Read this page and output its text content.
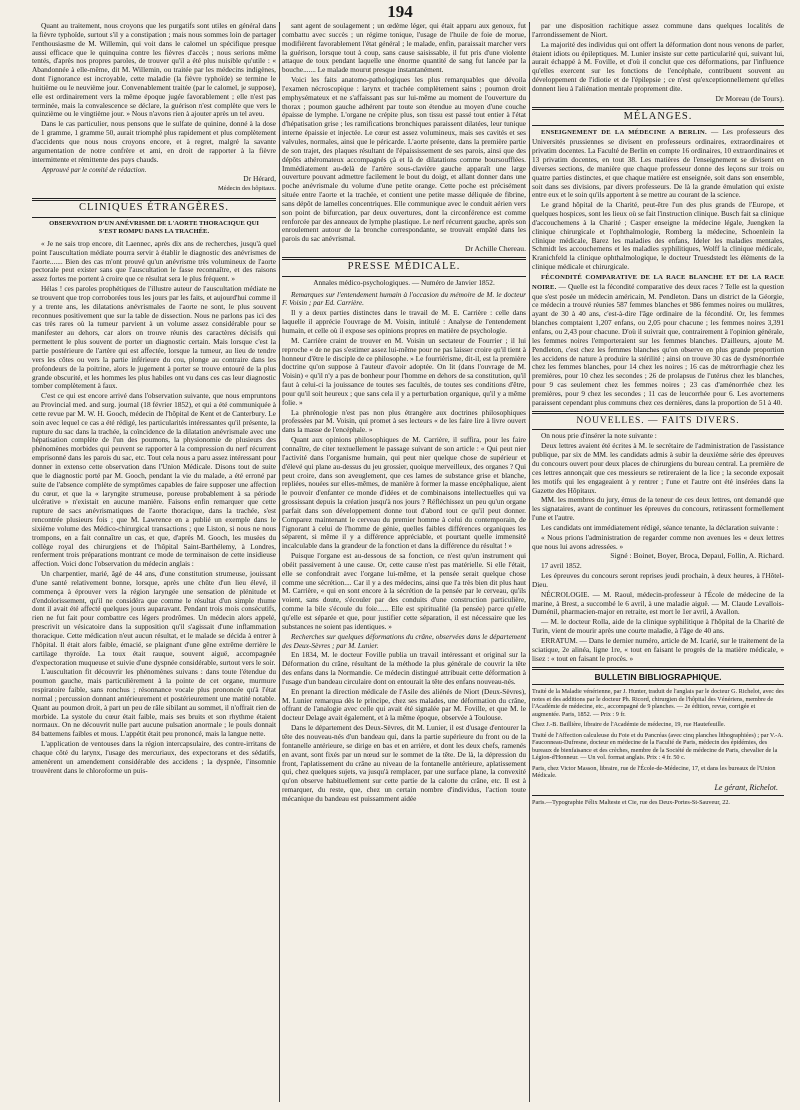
194

Quant au traitement, nous croyons que les purgatifs sont utiles en général dans la fièvre typhoïde, surtout s'il y a constipation ; mais nous sommes loin de partager l'enthousiasme de M. Willemin, qui voit dans le calomel un spécifique presque aussi efficace que le quinquina contre les fièvres d'accès ; nous serions même tentés, d'après nos propres paroles, de trouver qu'il a été plus nuisible qu'utile : « Abandonnée à elle-même, dit M. Willemin, ou traitée par les médecins indigènes, dont l'ignorance est incroyable, cette maladie (la fièvre typhoïde) se termine le huitième ou le neuvième jour. Convenablement traitée (par le calomel, je suppose), elle est ordinairement vers la même époque jugée favorablement ; elle n'est pas terminée, mais la convalescence se déclare, la guérison n'est complète que vers le quinzième ou le vingtième jour. » Nous n'avons rien à ajouter après un tel aveu.

Dans le cas particulier, nous pensons que le sulfate de quinine, donné à la dose de 1 gramme, 1 gramme 50, aurait triomphé plus rapidement et plus complètement d'accidents que nous nous croyons encore, et à regret, malgré la savante argumentation de notre confrère et ami, en droit de rapporter à la fièvre intermittente et rémittente des pays chauds.

Approuvé par le comité de rédaction.

Dr Hérard,

Médecin des hôpitaux.

CLINIQUES ÉTRANGÈRES.
OBSERVATION D'UN ANÉVRISME DE L'AORTE THORACIQUE QUI S'EST ROMPU DANS LA TRACHÉE.

« Je ne sais trop encore, dit Laennec, après dix ans de recherches, jusqu'à quel point l'auscultation médiate pourra servir à établir le diagnostic des anévrismes de l'aorte....... Bien des cas m'ont prouvé qu'un anévrisme très volumineux de l'aorte pectorale peut exister sans que l'auscultation le fasse reconnaître, et des raisons assez fortes me portent à croire que ce résultat sera le plus fréquent. »

Hélas ! ces paroles prophétiques de l'illustre auteur de l'auscultation médiate ne se trouvent que trop corroborées tous les jours par les faits, et aujourd'hui comme il y a trente ans, les dilatations anévrismales de l'aorte ne sont, le plus souvent reconnues positivement que sur la table de dissection. Nous ne parlons pas ici des cas très rares où la tumeur parvient à un volume assez considérable pour se manifester au dehors, car alors on trouve réunis des caractères décisifs qui permettent le plus souvent de porter un diagnostic certain. Mais lorsque c'est la partie postérieure de l'artère qui est affectée, lorsque la tumeur, au lieu de tendre vers les côtes ou vers la partie inférieure du cou, plonge au contraire dans les profondeurs de la poitrine, alors le jugement à porter se trouve entouré de la plus grande obscurité, et les hommes les plus habiles ont vu dans ces cas leur diagnostic tomber complètement à faux.

C'est ce qui est encore arrivé dans l'observation suivante, que nous empruntons au Provincial med. and surg. journal (18 février 1852), et qui a été communiquée à cette revue par M. W. H. Gooch, médecin de l'hôpital de Kent et de Canterbury. Le soin avec lequel ce cas a été rédigé, les particularités intéressantes qu'il présente, la rupture du sac dans la trachée, la coïncidence de la dilatation anévrismale avec une hépatisation complète de l'un des poumons, la physionomie de plusieurs des phénomènes morbides qui peuvent se rapporter à la compression du nerf récurrent emprisonné dans les parois du sac, etc. Tout cela nous a paru assez intéressant pour donner in extenso cette observation dans l'Union Médicale. Disons tout de suite que le diagnostic porté par M. Gooch, pendant la vie du malade, a été erroné par suite de l'absence complète de symptômes capables de faire supposer une affection du cœur, et que la « laryngite strumeuse, poreuse probablement à sa période ulcérative » n'existait en aucune manière. Faisons enfin remarquer que cette rupture de sacs anévrismatiques de l'aorte thoracique, dans la trachée, s'est rencontrée plusieurs fois ; que M. Lawrence en a publié un exemple dans le sixième volume des Médico-chirurgical transactions ; que Liston, si nous ne nous trompons, en a fait connaître un cas, et que, d'après M. Gooch, les musées du collège royal des chirurgiens et de l'hôpital Saint-Barthélemy, à Londres, renferment trois préparations montrant ce mode de terminaison de cette insidieuse affection. Voici donc l'observation du médecin anglais :

Un charpentier, marié, âgé de 44 ans, d'une constitution strumeuse, jouissant d'une santé relativement bonne, lorsque, après une chûte d'un lieu élevé, il commença à éprouver vers la région laryngée une sensation de plénitude et d'endolorissement, qu'il ne considéra que comme le résultat d'un simple rhume dont il avait été affecté quelques jours auparavant. Pendant trois mois consécutifs, rien ne fut fait pour combattre ces légers prodrômes. Un médecin alors appelé, prescrivit un vésicatoire dans la supposition qu'il s'agissait d'une inflammation thoracique. Cette médication n'eut aucun résultat, et le malade se décida à entrer à l'hôpital. Il était alors faible, émacié, se plaignant d'une gêne extrême derrière le cartilage thyroïde. La toux était rauque, souvent aiguë, accompagnée d'expectoration muqueuse et suivie d'une dyspnée considérable, surtout vers le soir.

L'auscultation fit découvrir les phénomènes suivans : dans toute l'étendue du poumon gauche, mais particulièrement à la pointe de cet organe, murmure respiratoire faible, sans ronchus ; résonnance vocale plus prononcée qu'à l'état normal ; percussion donnant antérieurement et postérieurement une matité notable. Quant au poumon droit, à part un peu de râle sibilant au sommet, il n'offrait rien de morbide. La systole du cœur était faible, mais ses bruits et son rhythme étaient normaux. On ne découvrit nulle part aucune pulsation anormale ; le pouls donnait 84 battemens faibles et mous. L'appétit était peu prononcé, mais la langue nette.

L'application de ventouses dans la région intercapsulaire, des contre-irritans de chaque côté du larynx, l'usage des mercuriaux, des expectorans et des sédatifs, amenèrent un amendement considérable des accidens ; la dyspnée, l'insomnie trouvèrent dans le chloroforme un puis-

sant agent de soulagement ; un œdème léger, qui était apparu aux genoux, fut combattu avec succès ; un régime tonique, l'usage de l'huile de foie de morue, modifièrent favorablement l'état général ; le malade, enfin, paraissait marcher vers la guérison, lorsque tout à coup, sans cause saisissable, il fut pris d'une violente attaque de toux pendant laquelle une énorme quantité de sang fut lancée par la bouche....... Le malade mourut presque instantanément.

Voici les faits anatomo-pathologiques les plus remarquables que dévoila l'examen nécroscopique : larynx et trachée complètement sains ; poumon droit emphysémateux et ne s'affaissant pas sur lui-même au moment de l'ouverture du thorax ; poumon gauche adhérent par toute son étendue au moyen d'une couche épaisse de lymphe. L'organe ne crépite plus, son tissu est passé tout entier à l'état d'hépatisation grise ; les ramifications bronchiques paraissent dilatées, leur tunique interne épaissie et injectée. Le cœur est assez volumineux, mais ses cavités et ses valvules, normales, ainsi que le péricarde. L'aorte présente, dans la première partie de son trajet, des plaques résultant de l'épaississement de ses parois, ainsi que des dépôts athéromateux accompagnés çà et là de dilatations comme boursoufflées. Immédiatement au-delà de l'artère sous-clavière gauche apparaît une large ouverture pouvant admettre facilement le bout du doigt, et allant donner dans une poche anévrismale du volume d'une petite orange. Cette poche est précisément située entre l'aorte et la trachée, et contient une petite masse déliquée de fibrine, sans dépôt de lamelles concentriques. Elle communique avec le conduit aérien vers son point de bifurcation, par deux ouvertures, dont la circonférence est comme renforcée par des anneaux de lymphe plastique. Le nerf récurrent gauche, après son enroulement autour de la bronche correspondante, se trouvait empâté dans les parois du sac anévrismal.

Dr Achille Chereau.

PRESSE MÉDICALE.
Annales médico-psychologiques. — Numéro de Janvier 1852.

Remarques sur l'entendement humain à l'occasion du mémoire de M. le docteur F. Voisin ; par Ed. Carrière.

Il y a deux parties distinctes dans le travail de M. E. Carrière : celle dans laquelle il apprécie l'ouvrage de M. Voisin, intitulé : Analyse de l'entendement humain, et celle où il expose ses opinions propres en matière de psychologie.

M. Carrière craint de trouver en M. Voisin un sectateur de Fourrier ; il lui reproche « de ne pas s'estimer assez lui-même pour ne pas laisser croire qu'il tient à honneur d'être le disciple de ce philosophe. » Le fourrièrisme, dit-il, est la première doctrine qu'on suppose à l'auteur d'avoir adoptée. On lit (dans l'ouvrage de M. Voisin) « qu'il n'y a pas de bonheur pour l'homme en dehors de sa constitution, qu'il faut à celui-ci la jouissance de toutes ses facultés, de toutes ses conditions d'être, pour qu'il soit heureux ; que sans cela il y a perturbation organique, qu'il y a même folie. »

La phrénologie n'est pas non plus étrangère aux doctrines philosophiques professées par M. Voisin, qui promet à ses lecteurs « de les faire lire à livre ouvert dans la masse de l'encéphale. »

Quant aux opinions philosophiques de M. Carrière, il suffira, pour les faire connaître, de citer textuellement le passage suivant de son article : « Qui peut nier l'activité dans l'organisme humain, qui peut nier quelque chose de supérieur et d'élevé qui plane au-dessus du jeu grossier, quoique merveilleux, des organes ? Qui peut croire, dans son aveuglement, que ces lames de substance grise et blanche, repliées, nouées sur elles-mêmes, de manière à former la masse encéphalique, aient le pouvoir d'enfanter ce monde d'idées et de combinaisons intellectuelles qui va grossissant depuis la création jusqu'à nos jours ? Réfléchissez un peu qu'un organe parfait dans son développement donne tout d'abord tout ce qu'il peut donner. Comparez maintenant le cerveau du premier homme à celui du contemporain, de l'ignorant à celui de l'homme de génie, quelles faibles différences organiques les séparent, si même il y a différence appréciable, et pourtant quelle immensité incalculable dans la grandeur de la fonction et dans la différence du résultat ! »

Puisque l'organe est au-dessous de sa fonction, ce n'est qu'un instrument qui obéit passivement à une cause. Or, cette cause n'est pas matérielle. Si elle l'était, elle se confondrait avec l'organe lui-même, et la pensée serait quelque chose comme une sécrétion.... Car il y a des médecins, ainsi que l'a très bien dit plus haut M. Carrière, « qui en sont encore à la sécrétion de la pensée par le cerveau, qu'ils voient, sans doute, s'écouler par des conduits d'une construction particulière, comme la bile s'écoule du foie...... Elle est spiritualité (la pensée) parce qu'elle qu'elle est séparée et que, pour justifier cette séparation, il est nécessaire que les substances ne soient pas identiques. »

Recherches sur quelques déformations du crâne, observées dans le département des Deux-Sèvres ; par M. Lunier.

En 1834, M. le docteur Foville publia un travail intéressant et original sur la Déformation du crâne, résultant de la méthode la plus générale de couvrir la tête des enfans dans la Normandie. Ce médecin distingué attribuait cette déformation à l'usage d'un bandeau circulaire dont on entourait la tête des enfans nouveau-nés.

En prenant la direction médicale de l'Asile des aliénés de Niort (Deux-Sèvres), M. Lunier remarqua dès le principe, chez ses malades, une déformation du crâne, offrant de l'analogie avec celle qui avait été signalée par M. Foville, et que M. le docteur Delage avait également, et à la même époque, observée à Toulouse.

Dans le département des Deux-Sèvres, dit M. Lunier, il est d'usage d'entourer la tête des nouveau-nés d'un bandeau qui, dans la partie supérieure du front ou de la fontanelle antérieure, se dirige en bas et en arrière, et dont les deux chefs, ramenés en avant, sont fixés par un nœud sur le sommet de la tête. De là, la dépression du front, l'aplatissement du crâne au niveau de la fontanelle antérieure, aplatissement qui, chez quelques sujets, va jusqu'à remplacer, par une surface plane, la convexité qu'on observe habituellement sur cette partie de la calotte du crâne, etc. Il est à remarquer, du reste, que, chez un certain nombre d'individus, l'action toute mécanique du bandeau est puissamment aidée

par une disposition rachitique assez commune dans quelques localités de l'arrondissement de Niort.

La majorité des individus qui ont offert la déformation dont nous venons de parler, étaient idiots ou épileptiques. M. Lunier insiste sur cette particularité qui, suivant lui, aurait échappé à M. Foville, et d'où il conclut que ces déformations, par l'influence qu'elles exercent sur les fonctions de l'encéphale, contribuent souvent au développement de l'idiotie et de l'épilepsie ; ce n'est qu'exceptionnellement qu'elles donnent lieu à l'aliénation mentale proprement dite.

Dr Moreau (de Tours).

MÉLANGES.

ENSEIGNEMENT DE LA MÉDECINE A BERLIN. — Les professeurs des Universités prussiennes se divisent en professeurs ordinaires, extraordinaires et privatim docentes. La Faculté de Berlin en compte 16 ordinaires, 10 extraordinaires et 13 privatim docentes, en tout 38. Les matières de l'enseignement se divisent en diverses sections, de manière que chaque professeur donne des leçons sur trois ou quatre parties distinctes, et que chaque matière est enseignée, soit dans son ensemble, soit dans ses divisions, par divers professeurs. De là la grande émulation qui existe entre eux et le soin qu'ils apportent à se mettre au courant de la science.

Le grand hôpital de la Charité, peut-être l'un des plus grands de l'Europe, et quelques hospices, sont les lieux où se fait l'instruction clinique. Busch fait sa clinique d'accouchemens à la Charité ; Casper enseigne la médecine légale, Juengken la clinique chirurgicale et l'ophthalmologie, Romberg la médecine, Schoenlein la clinique médicale, Barez les maladies des enfans, Ideler les maladies mentales, Schmidt les accouchemens et les maladies syphilitiques, Wolff la clinique médicale, Kranichfeld la clinique ophthalmologique, le docteur Truesdstedt les éléments de la clinique médicale et chirurgicale.

FÉCONDITÉ COMPARATIVE DE LA RACE BLANCHE ET DE LA RACE NOIRE. — Quelle est la fécondité comparative des deux races ? Telle est la question que s'est posée un médecin américain, M. Pendleton. Dans un district de la Géorgie, ce médecin a trouvé réunies 587 femmes blanches et 986 femmes noires ou mulâtres, ayant de 30 à 40 ans, c'est-à-dire l'âge ordinaire de la fécondité. Or, les femmes blanches comptaient 1,207 enfans, ou 2,05 pour chacune ; les femmes noires 3,391 enfans, ou 2,43 pour chacune. D'où il suivrait que, contrairement à l'opinion générale, les femmes noires l'emporteraient sur les femmes blanches. D'ailleurs, ajoute M. Pendleton, c'est chez les femmes blanches qu'on observe en plus grande proportion les accidens de nature à produire la stérilité ; ainsi on trouve 30 cas de dysménorrhée chez les femmes blanches, pour 14 chez les noires ; 16 cas de métrorrhagie chez les premières, pour 10 chez les secondes ; 26 de prolapsus de l'utérus chez les blanches, pour 9 cas seulement chez les femmes noires ; 23 cas d'aménorrhée chez les premières, pour 9 chez les secondes ; 11 cas de leucorrhée pour 6. Les avortemens paraissent cependant plus communs chez ces dernières, dans la proportion de 51 à 40.

NOUVELLES. — FAITS DIVERS.

On nous prie d'insérer la note suivante :

Deux lettres avaient été écrites à M. le secrétaire de l'administration de l'assistance publique, par six de MM. les candidats admis à subir la deuxième série des épreuves du concours ouvert pour deux places de chirurgiens du bureau central. La première de ces lettres annonçait que ces messieurs se retireraient de la lice ; la seconde exposait les motifs qui les engageaient à y rentrer ; l'une et l'autre ont été insérées dans la Gazette des Hôpitaux.

MM. les membres du jury, émus de la teneur de ces deux lettres, ont demandé que les signataires, avant de continuer les épreuves du concours, retirassent formellement l'une et l'autre.

Les candidats ont immédiatement rédigé, séance tenante, la déclaration suivante :

« Nous prions l'administration de regarder comme non avenues les « deux lettres que nous lui avons adressées. »

Signé : Boinet, Boyer, Broca, Depaul, Follin, A. Richard.

17 avril 1852.

Les épreuves du concours seront reprises jeudi prochain, à deux heures, à l'Hôtel-Dieu.

NÉCROLOGIE. — M. Raoul, médecin-professeur à l'École de médecine de la marine, à Brest, a succombé le 6 avril, à une maladie aiguë. — M. Claude Levallois-Duménil, pharmacien-major en retraite, est mort le 1er avril, à Avallon.

— M. le docteur Rolla, aide de la clinique syphilitique à l'hôpital de la Charité de Turin, vient de mourir après une courte maladie, à l'âge de 40 ans.

ERRATUM. — Dans le dernier numéro, article de M. Icarié, sur le traitement de la sciatique, 2e alinéa, ligne 1re, « tout en faisant le progrès de la matière médicale, » lisez : « tout en faisant le procès. »

BULLETIN BIBLIOGRAPHIQUE.

Traité de la Maladie vénérienne, par J. Hunter, traduit de l'anglais par le docteur G. Richelot, avec des notes et des additions par le docteur Ph. Ricord, chirurgien de l'hôpital des Vénériens, membre de l'Académie de médecine, etc., accompagné de 9 planches. — 2e édition, revue, corrigée et augmentée. Paris, 1852. — Prix : 9 fr.

Chez J.-B. Baillière, libraire de l'Académie de médecine, 19, rue Hautefeuille.

Traité de l'Affection calculeuse du Foie et du Pancréas (avec cinq planches lithographiées) ; par V.-A. Fauconneau-Dufresne, docteur en médecine de la Faculté de Paris, médecin des épidémies, des bureaux de bienfaisance et des crèches, membre de la Société de médecine de Paris, chevalier de la Légion-d'Honneur. — Un vol. format anglais. Prix : 4 fr. 50 c.

Paris, chez Victor Masson, libraire, rue de l'École-de-Médecine, 17, et dans les bureaux de l'Union Médicale.

Le gérant, Richelot.

Paris.—Typographie Félix Malteste et Cie, rue des Deux-Portes-St-Sauveur, 22.
